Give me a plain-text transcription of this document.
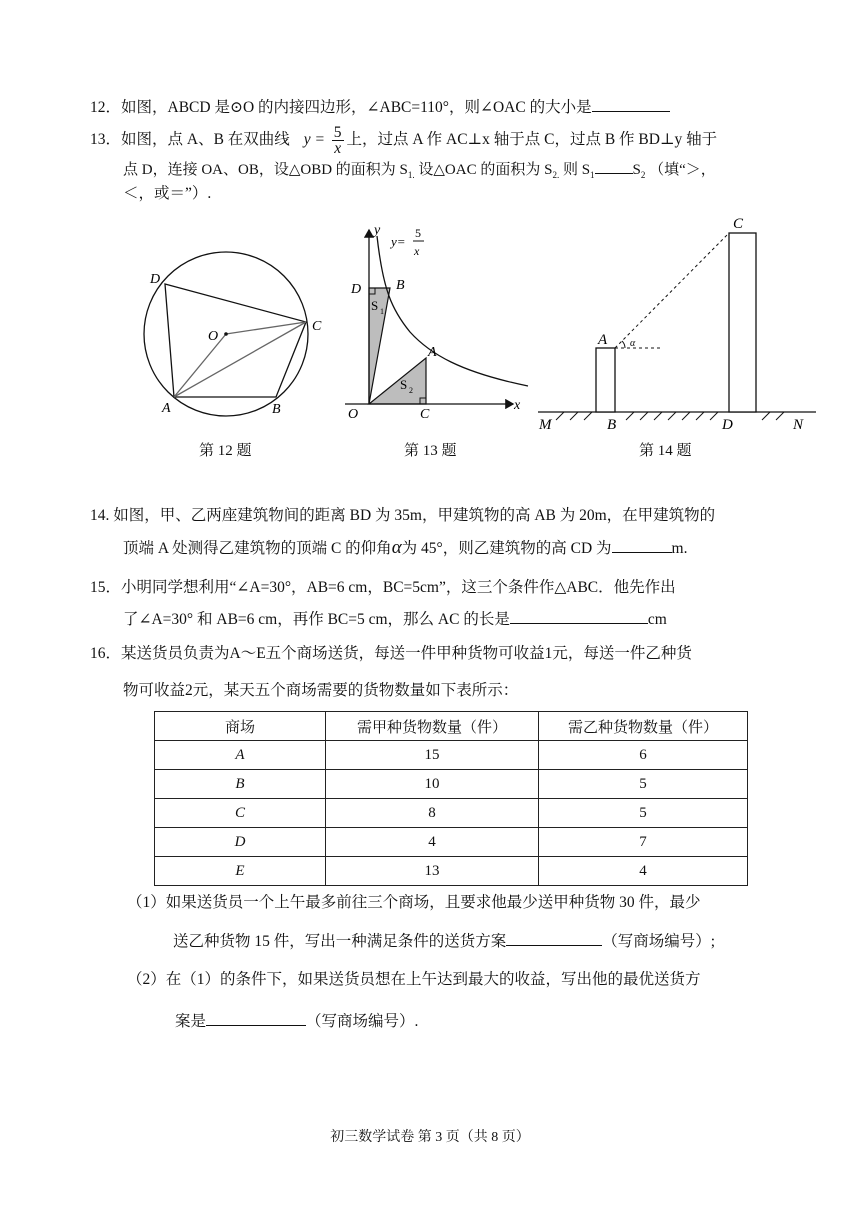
12．如图，ABCD 是⊙O 的内接四边形，∠ABC=110°，则∠OAC 的大小是
13．如图，点 A、B 在双曲线 $y = \frac{5}{x}$ 上，过点 A 作 AC⊥x 轴于点 C，过点 B 作 BD⊥y 轴于
点 D，连接 OA、OB，设△OBD 的面积为 $S_{1.}$ 设△OAC 的面积为 $S_{2.}$ 则 $S_1$	$S_2$ （填“＞，
＜，或＝”）.
D
O
C
A	B
第 12 题
y
y=
5
x
D B
S 1
A
S 2
O	C
x
第 13 题
C
A α
M	B	D	N
第 14 题
14. 如图，甲、乙两座建筑物间的距离 BD 为 35m，甲建筑物的高 AB 为 20m，在甲建筑物的
顶端 A 处测得乙建筑物的顶端 C 的仰角α为 45°，则乙建筑物的高 CD 为	m.
15．小明同学想利用“∠A=30°，AB=6 cm，BC=5cm”，这三个条件作△ABC．他先作出
了∠A=30° 和 AB=6 cm，再作 BC=5 cm，那么 AC 的长是	cm
16．某送货员负责为A～E五个商场送货，每送一件甲种货物可收益1元，每送一件乙种货
物可收益2元，某天五个商场需要的货物数量如下表所示：
商场	需甲种货物数量（件）	需乙种货物数量（件）
A	15	6
B	10	5
C	8	5
D	4	7
E	13	4
（1）如果送货员一个上午最多前往三个商场，且要求他最少送甲种货物 30 件，最少
送乙种货物 15 件，写出一种满足条件的送货方案	（写商场编号）;
（2）在（1）的条件下，如果送货员想在上午达到最大的收益，写出他的最优送货方
案是	（写商场编号）.
初三数学试卷 第 3 页（共 8 页）
